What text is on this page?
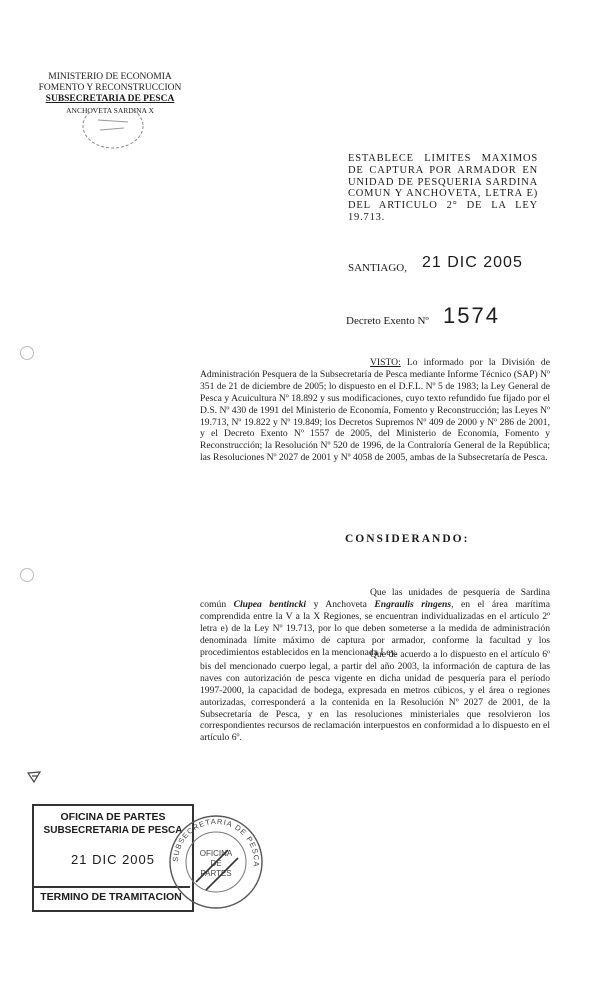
MINISTERIO DE ECONOMIA
FOMENTO Y RECONSTRUCCION
SUBSECRETARIA DE PESCA
ANCHOVETA SARDINA X
ESTABLECE LIMITES MAXIMOS DE CAPTURA POR ARMADOR EN UNIDAD DE PESQUERIA SARDINA COMUN Y ANCHOVETA, LETRA E) DEL ARTICULO 2° DE LA LEY 19.713.
SANTIAGO, 21 DIC 2005
Decreto Exento Nº 1574
VISTO: Lo informado por la División de Administración Pesquera de la Subsecretaría de Pesca mediante Informe Técnico (SAP) Nº 351 de 21 de diciembre de 2005; lo dispuesto en el D.F.L. Nº 5 de 1983; la Ley General de Pesca y Acuicultura Nº 18.892 y sus modificaciones, cuyo texto refundido fue fijado por el D.S. Nº 430 de 1991 del Ministerio de Economía, Fomento y Reconstrucción; las Leyes Nº 19.713, Nº 19.822 y Nº 19.849; los Decretos Supremos Nº 409 de 2000 y Nº 286 de 2001, y el Decreto Exento Nº 1557 de 2005, del Ministerio de Economía, Fomento y Reconstrucción; la Resolución Nº 520 de 1996, de la Contraloría General de la República; las Resoluciones Nº 2027 de 2001 y Nº 4058 de 2005, ambas de la Subsecretaría de Pesca.
CONSIDERANDO:
Que las unidades de pesquería de Sardina común Clupea bentincki y Anchoveta Engraulis ringens, en el área marítima comprendida entre la V a la X Regiones, se encuentran individualizadas en el artículo 2º letra e) de la Ley Nº 19.713, por lo que deben someterse a la medida de administración denominada límite máximo de captura por armador, conforme la facultad y los procedimientos establecidos en la mencionada Ley.
Que de acuerdo a lo dispuesto en el artículo 6º bis del mencionado cuerpo legal, a partir del año 2003, la información de captura de las naves con autorización de pesca vigente en dicha unidad de pesquería para el período 1997-2000, la capacidad de bodega, expresada en metros cúbicos, y el área o regiones autorizadas, corresponderá a la contenida en la Resolución Nº 2027 de 2001, de la Subsecretaría de Pesca, y en las resoluciones ministeriales que resolvieron los correspondientes recursos de reclamación interpuestos en conformidad a lo dispuesto en el artículo 6º.
OFICINA DE PARTES
SUBSECRETARIA DE PESCA
21 DIC 2005
TERMINO DE TRAMITACION
SUBSECRETARIA DE PESCA
OFICINA
DE
PARTES
